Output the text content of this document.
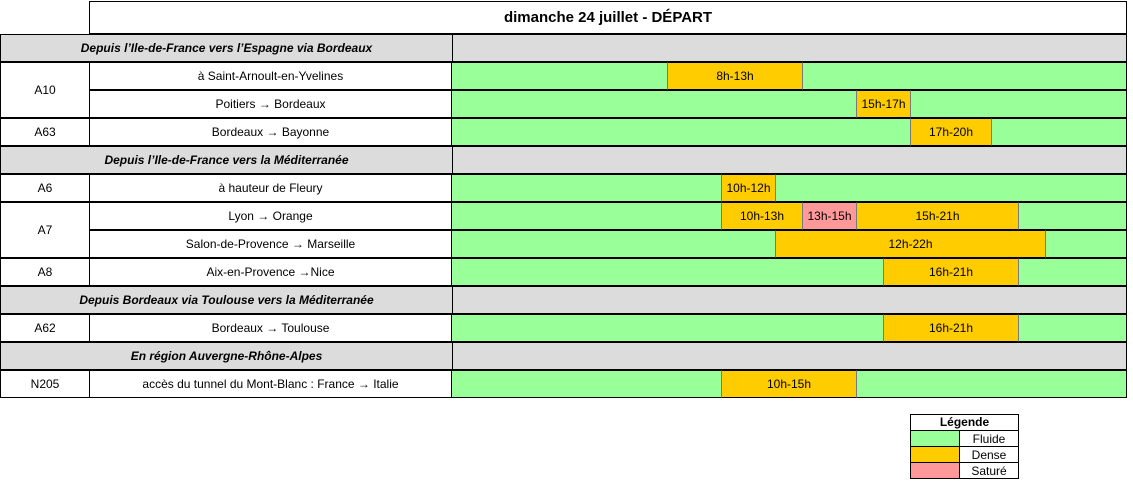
dimanche 24 juillet - DÉPART
Depuis l’Ile-de-France vers l’Espagne via Bordeaux
A10
à Saint-Arnoult-en-Yvelines	8h-13h
Poitiers → Bordeaux	15h-17h
A63	Bordeaux → Bayonne	17h-20h
Depuis l’Ile-de-France vers la Méditerranée
A6	à hauteur de Fleury	10h-12h
A7
Lyon → Orange	10h-13h	13h-15h	15h-21h
Salon-de-Provence → Marseille	12h-22h
A8	Aix-en-Provence →Nice	16h-21h
Depuis Bordeaux via Toulouse vers la Méditerranée
A62	Bordeaux → Toulouse	16h-21h
En région Auvergne-Rhône-Alpes
N205	accès du tunnel du Mont-Blanc : France → Italie	10h-15h
Légende
Fluide
Dense
Saturé
